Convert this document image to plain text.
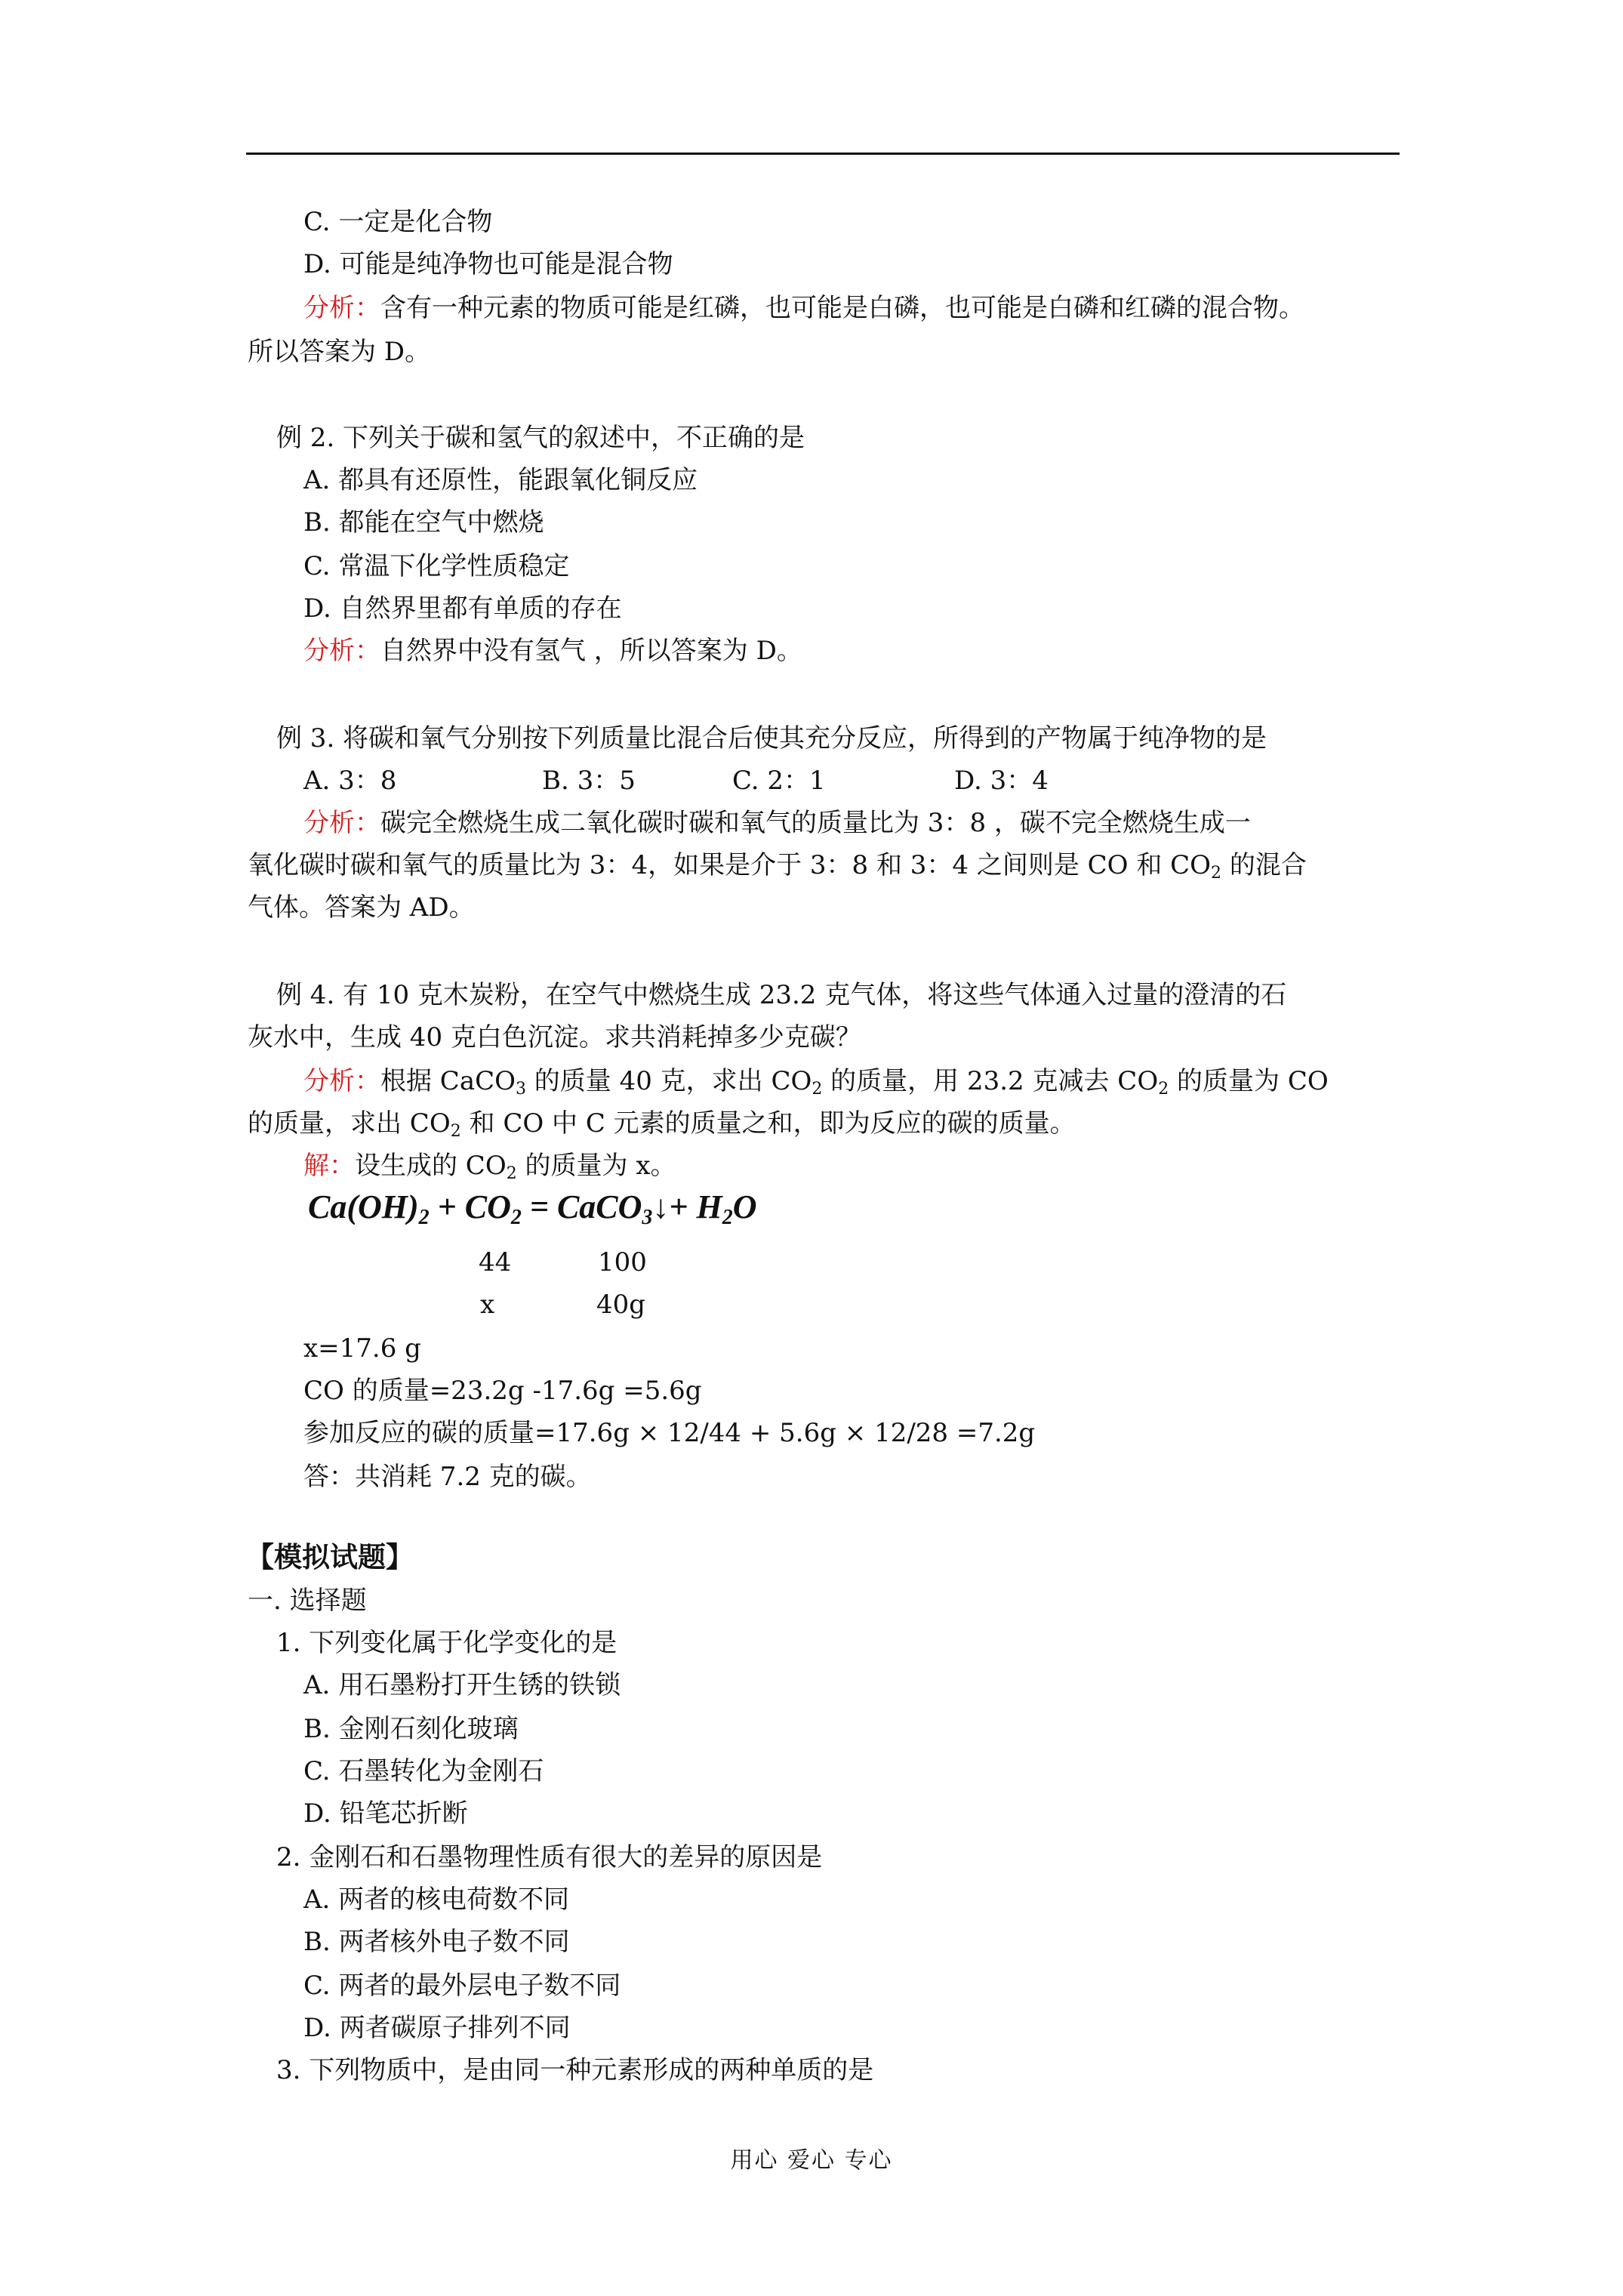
C. 一定是化合物
D. 可能是纯净物也可能是混合物
分析：含有一种元素的物质可能是红磷，也可能是白磷，也可能是白磷和红磷的混合物。
所以答案为 D。
例 2. 下列关于碳和氢气的叙述中，不正确的是
A. 都具有还原性，能跟氧化铜反应
B. 都能在空气中燃烧
C. 常温下化学性质稳定
D. 自然界里都有单质的存在
分析：自然界中没有氢气 ，所以答案为 D。
例 3. 将碳和氧气分别按下列质量比混合后使其充分反应，所得到的产物属于纯净物的是
A. 3：8	B. 3：5	C. 2：1	D. 3：4
分析：碳完全燃烧生成二氧化碳时碳和氧气的质量比为 3：8 ，碳不完全燃烧生成一
氧化碳时碳和氧气的质量比为 3：4，如果是介于 3：8 和 3：4 之间则是 CO 和 $CO_2$ 的混合
气体。答案为 AD。
例 4. 有 10 克木炭粉，在空气中燃烧生成 23.2 克气体，将这些气体通入过量的澄清的石
灰水中，生成 40 克白色沉淀。求共消耗掉多少克碳？
分析：根据 CaCO$_3$ 的质量 40 克，求出 $CO_2$ 的质量，用 23.2 克减去 $CO_2$ 的质量为 CO
的质量，求出 $CO_2$ 和 CO 中 C 元素的质量之和，即为反应的碳的质量。
解：设生成的 $CO_2$ 的质量为 x。
$Ca(OH)_2 + CO_2$ = CaCO$_3$↓+ $H_2O$
44	100
x	40g
x=17.6 g
CO 的质量=23.2g -17.6g =5.6g
参加反应的碳的质量=17.6g × 12/44 + 5.6g × 12/28 =7.2g
答：共消耗 7.2 克的碳。
【模拟试题】
一. 选择题
1. 下列变化属于化学变化的是
A. 用石墨粉打开生锈的铁锁
B. 金刚石刻化玻璃
C. 石墨转化为金刚石
D. 铅笔芯折断
2. 金刚石和石墨物理性质有很大的差异的原因是
A. 两者的核电荷数不同
B. 两者核外电子数不同
C. 两者的最外层电子数不同
D. 两者碳原子排列不同
3. 下列物质中，是由同一种元素形成的两种单质的是
用心 爱心 专心
